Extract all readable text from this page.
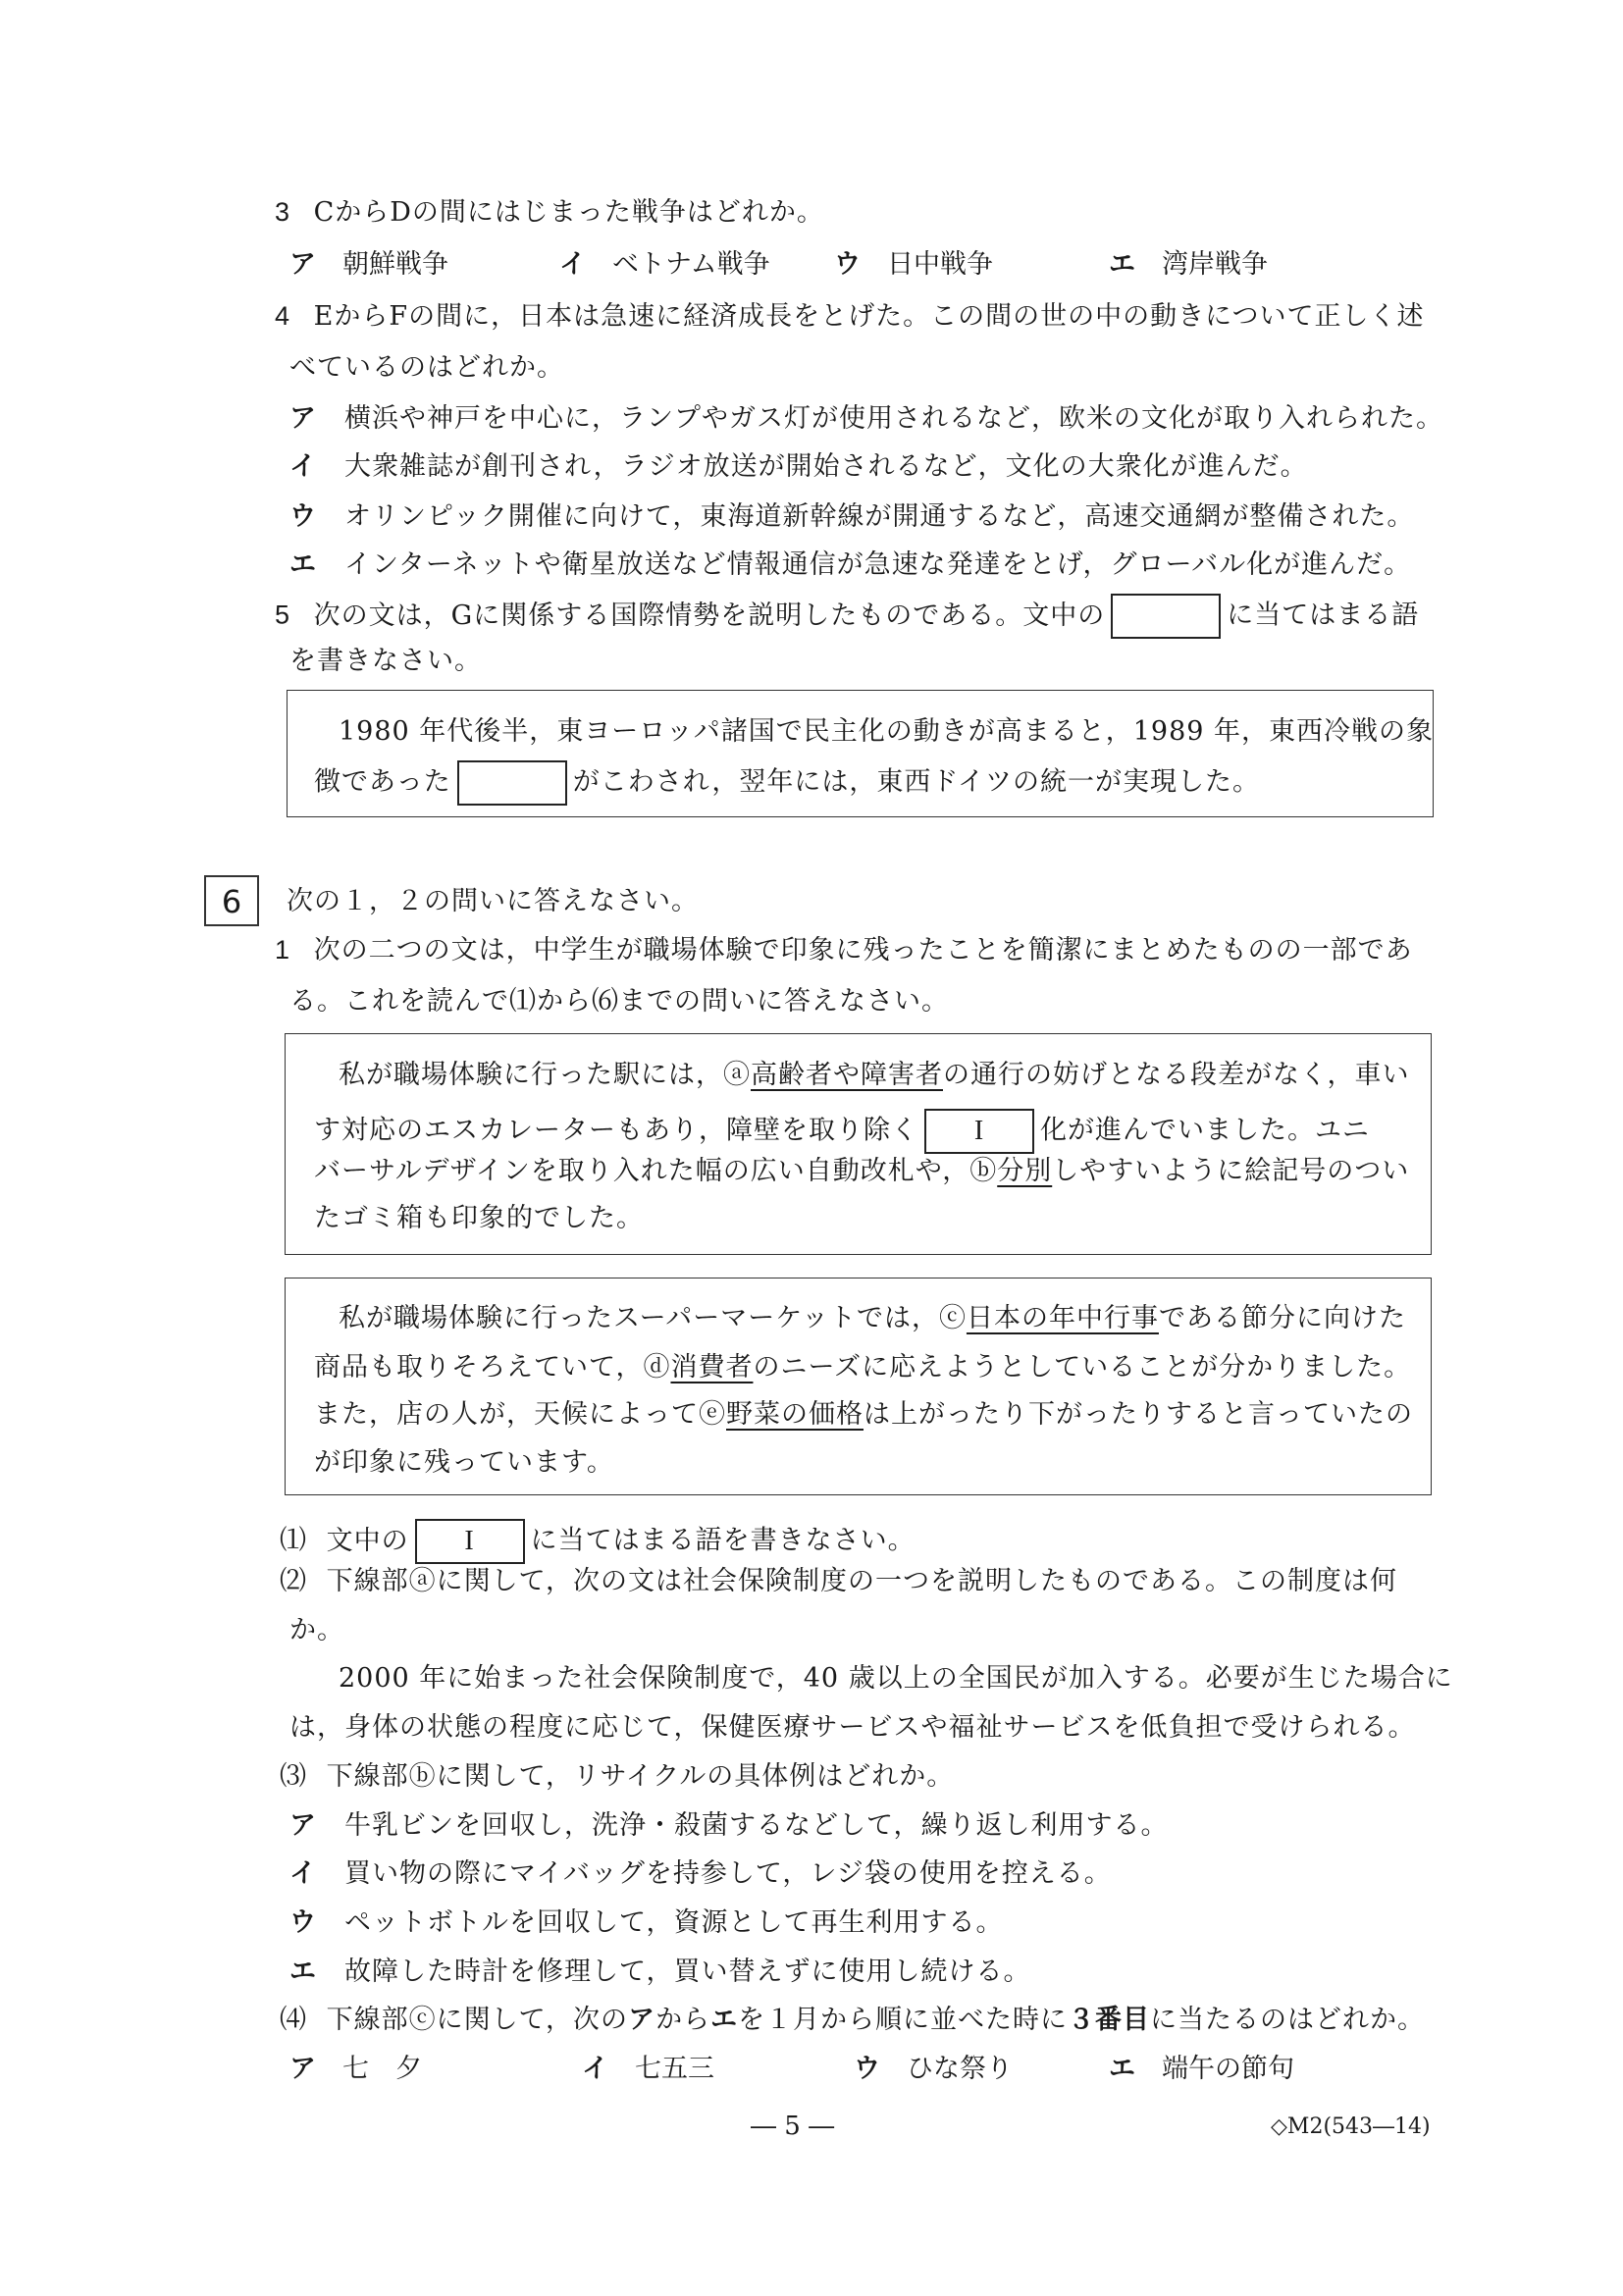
3 CからDの間にはじまった戦争はどれか。
ア　 朝鮮戦争	イ　 ベトナム戦争 ウ　 日中戦争	エ　 湾岸戦争
4 EからFの間に，日本は急速に経済成長をとげた。この間の世の中の動きについて正しく述
べているのはどれか。
ア　 横浜や神戸を中心に，ランプやガス灯が使用されるなど，欧米の文化が取り入れられた。
イ　 大衆雑誌が創刊され，ラジオ放送が開始されるなど，文化の大衆化が進んだ。
ウ　 オリンピック開催に向けて，東海道新幹線が開通するなど，高速交通網が整備された。
エ　 インターネットや衛星放送など情報通信が急速な発達をとげ，グローバル化が進んだ。
5 次の文は，Gに関係する国際情勢を説明したものである。文中の	に当てはまる語
を書きなさい。
1980 年代後半，東ヨーロッパ諸国で民主化の動きが高まると，1989 年，東西冷戦の象
徴であった	がこわされ，翌年には，東西ドイツの統一が実現した。
6	次の１，２の問いに答えなさい。
1 次の二つの文は，中学生が職場体験で印象に残ったことを簡潔にまとめたものの一部であ
る。これを読んで⑴から⑹までの問いに答えなさい。
私が職場体験に行った駅には，ⓐ高齢者や障害者の通行の妨げとなる段差がなく，車い
す対応のエスカレーターもあり，障壁を取り除く I 化が進んでいました。ユニ
バーサルデザインを取り入れた幅の広い自動改札や，ⓑ分別しやすいように絵記号のつい
たゴミ箱も印象的でした。
私が職場体験に行ったスーパーマーケットでは，ⓒ日本の年中行事である節分に向けた
商品も取りそろえていて，ⓓ消費者のニーズに応えようとしていることが分かりました。
また，店の人が，天候によってⓔ野菜の価格は上がったり下がったりすると言っていたの
が印象に残っています。
⑴ 文中の I に当てはまる語を書きなさい。
⑵ 下線部ⓐに関して，次の文は社会保険制度の一つを説明したものである。この制度は何
か。
2000 年に始まった社会保険制度で，40 歳以上の全国民が加入する。必要が生じた場合に
は，身体の状態の程度に応じて，保健医療サービスや福祉サービスを低負担で受けられる。
⑶ 下線部ⓑに関して，リサイクルの具体例はどれか。
ア　 牛乳ビンを回収し，洗浄・殺菌するなどして，繰り返し利用する。
イ　 買い物の際にマイバッグを持参して，レジ袋の使用を控える。
ウ　 ペットボトルを回収して，資源として再生利用する。
エ　 故障した時計を修理して，買い替えずに使用し続ける。
⑷ 下線部ⓒに関して，次のアからエを１月から順に並べた時に３番目に当たるのはどれか。
ア　 七　夕	イ　 七五三	ウ　 ひな祭り	エ　 端午の節句
― 5 ―	◇M2(543―14)
